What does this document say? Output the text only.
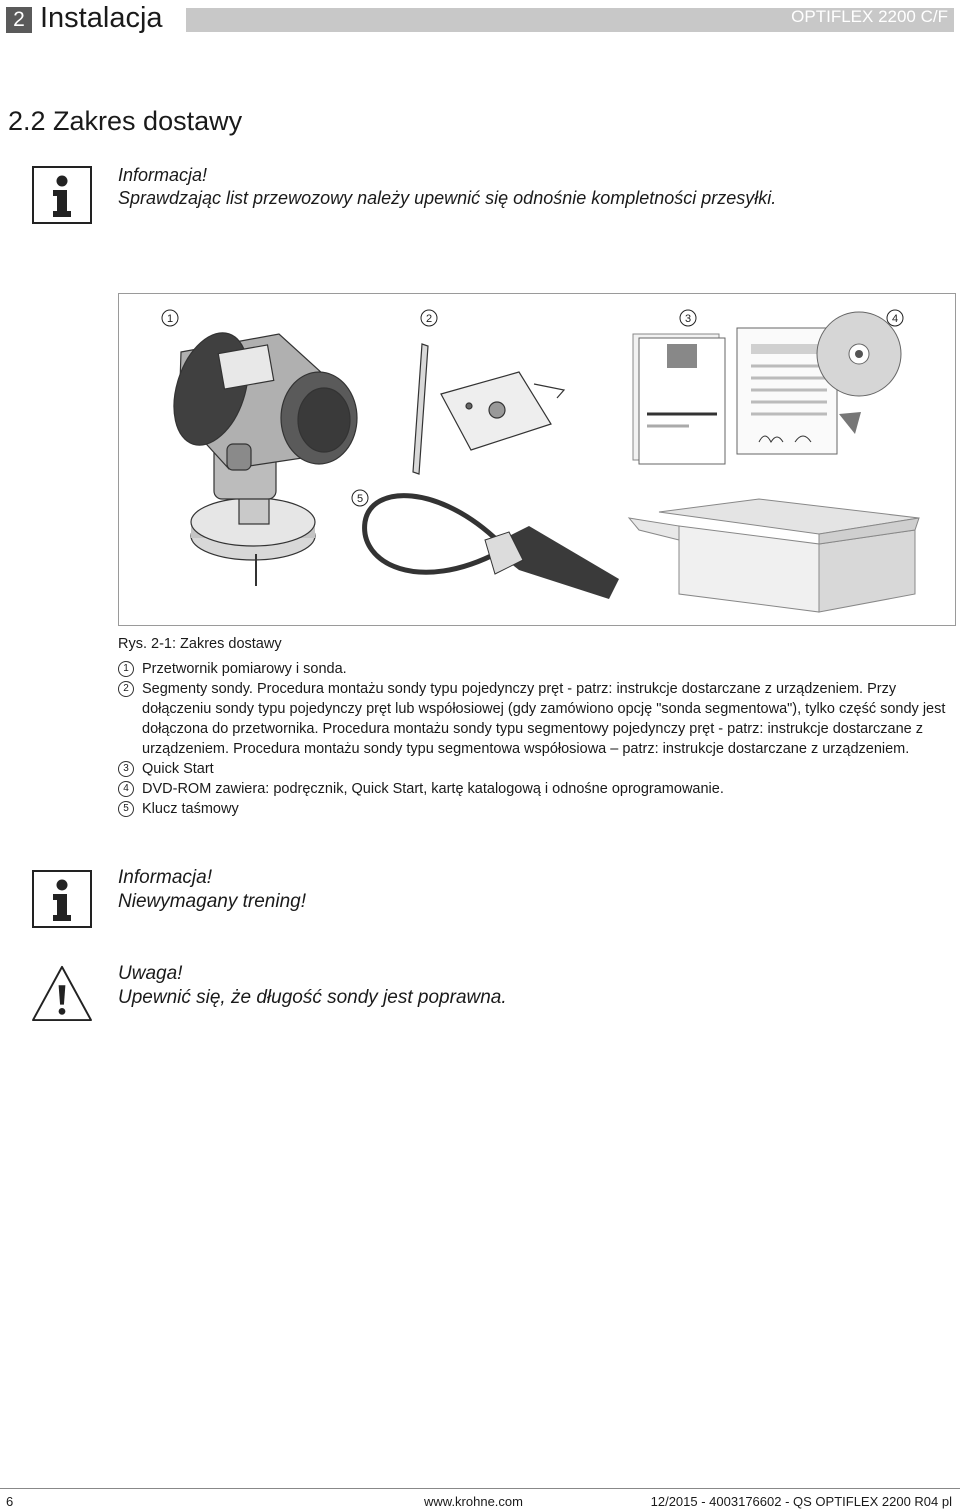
2 Instalacja	OPTIFLEX 2200 C/F
2.2 Zakres dostawy
Informacja!
Sprawdzając list przewozowy należy upewnić się odnośnie kompletności przesyłki.
1	2	3	4
5
Rys. 2-1: Zakres dostawy
1 Przetwornik pomiarowy i sonda.
2 Segmenty sondy. Procedura montażu sondy typu pojedynczy pręt - patrz: instrukcje dostarczane z urządzeniem. Przy dołączeniu sondy typu pojedynczy pręt lub współosiowej (gdy zamówiono opcję "sonda segmentowa"), tylko część sondy jest dołączona do przetwornika. Procedura montażu sondy typu segmentowy pojedynczy pręt - patrz: instrukcje dostarczane z urządzeniem. Procedura montażu sondy typu segmentowa współosiowa – patrz: instrukcje dostarczane z urządzeniem.
3 Quick Start
4 DVD-ROM zawiera: podręcznik, Quick Start, kartę katalogową i odnośne oprogramowanie.
5 Klucz taśmowy
Informacja!
Niewymagany trening!
Uwaga!
Upewnić się, że długość sondy jest poprawna.
6	www.krohne.com	12/2015 - 4003176602 - QS OPTIFLEX 2200 R04 pl
